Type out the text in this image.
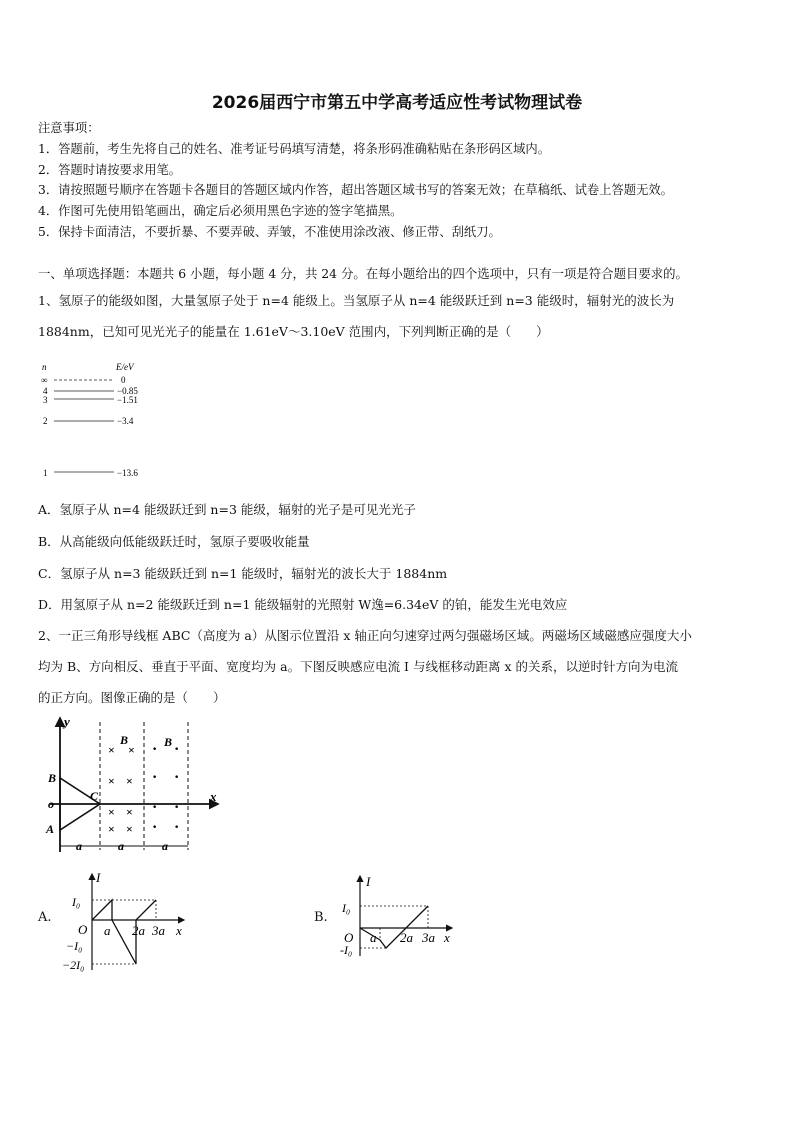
2026届西宁市第五中学高考适应性考试物理试卷
注意事项：
1．答题前，考生先将自己的姓名、准考证号码填写清楚，将条形码准确粘贴在条形码区域内。
2．答题时请按要求用笔。
3．请按照题号顺序在答题卡各题目的答题区域内作答，超出答题区域书写的答案无效；在草稿纸、试卷上答题无效。
4．作图可先使用铅笔画出，确定后必须用黑色字迹的签字笔描黑。
5．保持卡面清洁，不要折暴、不要弄破、弄皱，不准使用涂改液、修正带、刮纸刀。
一、单项选择题：本题共 6 小题，每小题 4 分，共 24 分。在每小题给出的四个选项中，只有一项是符合题目要求的。
1、氢原子的能级如图，大量氢原子处于 n=4 能级上。当氢原子从 n=4 能级跃迁到 n=3 能级时，辐射光的波长为
1884nm，已知可见光光子的能量在 1.61eV～3.10eV 范围内，下列判断正确的是（　　）
n	E/eV
∞	0
4	−0.85
3	−1.51
2	−3.4
1	−13.6
A．氢原子从 n=4 能级跃迁到 n=3 能级，辐射的光子是可见光光子
B．从高能级向低能级跃迁时，氢原子要吸收能量
C．氢原子从 n=3 能级跃迁到 n=1 能级时，辐射光的波长大于 1884nm
D．用氢原子从 n=2 能级跃迁到 n=1 能级辐射的光照射 W逸=6.34eV 的铂，能发生光电效应
2、一正三角形导线框 ABC（高度为 a）从图示位置沿 x 轴正向匀速穿过两匀强磁场区域。两磁场区域磁感应强度大小
均为 B、方向相反、垂直于平面、宽度均为 a。下图反映感应电流 I 与线框移动距离 x 的关系，以逆时针方向为电流
的正方向。图像正确的是（　　）
y
x
o
B
A
C
B	B
× ×
× ×
× ×
× ×
· ·
· ·
· ·
· ·
a	a	a
A.
I
I₀
O
−I₀
−2I₀
a 2a 3a x
B.
I
I₀
O
-I₀
a 2a 3a x
